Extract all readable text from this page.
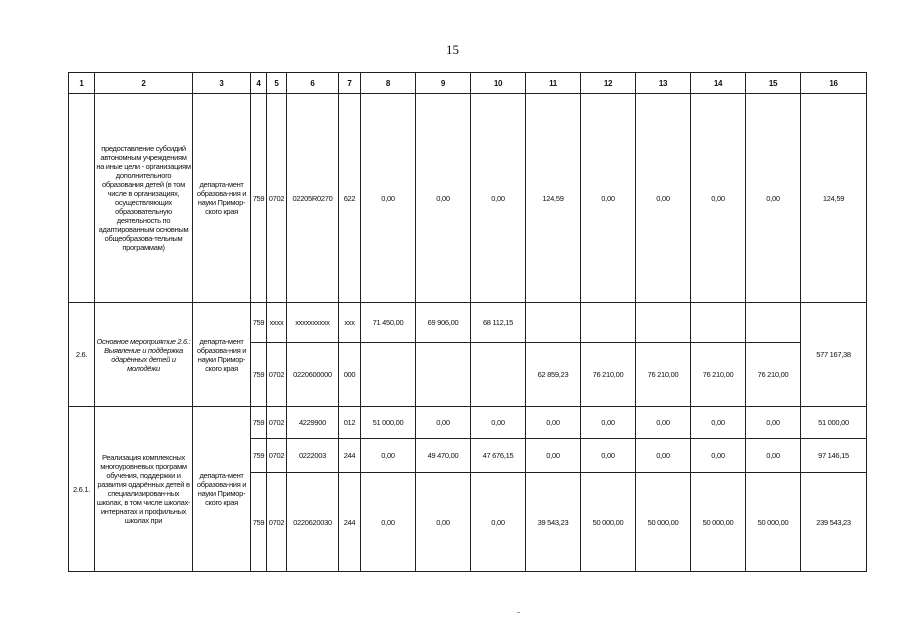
15
1	2	3	4	5	6	7	8	9	10	11	12	13	14	15	16
	предоставление субсидий автономным учреждениям на иные цели - организациям дополнительного образования детей (в том числе в организациях, осуществляющих образовательную деятельность по адаптированным основным общеобразова-тельным программам)	департа-мент образова-ния и науки Примор-ского края	759	0702	02205R0270	622	0,00	0,00	0,00	124,59	0,00	0,00	0,00	0,00	124,59
2.6.	Основное мероприятие 2.6.: Выявление и поддержка одарённых детей и молодёжи	департа-мент образова-ния и науки Примор-ского края	759	xxxx	xxxxxxxxxx	xxx	71 450,00	69 906,00	68 112,15						577 167,38
			759	0702	0220600000	000				62 859,23	76 210,00	76 210,00	76 210,00	76 210,00	
2.6.1.	Реализация комплексных многоуровневых программ обучения, поддержки и развития одарённых детей в специализирован-ных школах, в том числе школах-интернатах и профильных школах при	департа-мент образова-ния и науки Примор-ского края	759	0702	4229900	012	51 000,00	0,00	0,00	0,00	0,00	0,00	0,00	0,00	51 000,00
			759	0702	0222003	244	0,00	49 470,00	47 676,15	0,00	0,00	0,00	0,00	0,00	97 146,15
			759	0702	0220620030	244	0,00	0,00	0,00	39 543,23	50 000,00	50 000,00	50 000,00	50 000,00	239 543,23
